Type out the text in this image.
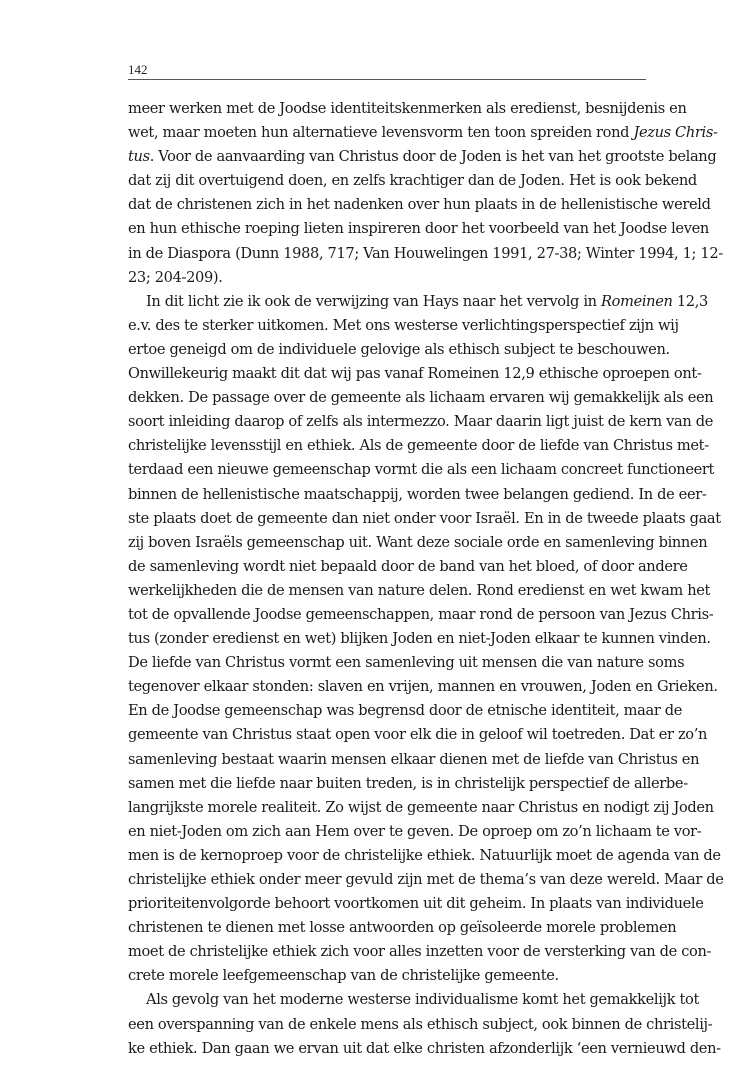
142
meer werken met de Joodse identiteitskenmerken als eredienst, besnijdenis en
wet, maar moeten hun alternatieve levensvorm ten toon spreiden rond Jezus Chris-
tus. Voor de aanvaarding van Christus door de Joden is het van het grootste belang
dat zij dit overtuigend doen, en zelfs krachtiger dan de Joden. Het is ook bekend
dat de christenen zich in het nadenken over hun plaats in de hellenistische wereld
en hun ethische roeping lieten inspireren door het voorbeeld van het Joodse leven
in de Diaspora (Dunn 1988, 717; Van Houwelingen 1991, 27-38; Winter 1994, 1; 12-
23; 204-209).
In dit licht zie ik ook de verwijzing van Hays naar het vervolg in Romeinen 12,3
e.v. des te sterker uitkomen. Met ons westerse verlichtingsperspectief zijn wij
ertoe geneigd om de individuele gelovige als ethisch subject te beschouwen.
Onwillekeurig maakt dit dat wij pas vanaf Romeinen 12,9 ethische oproepen ont-
dekken. De passage over de gemeente als lichaam ervaren wij gemakkelijk als een
soort inleiding daarop of zelfs als intermezzo. Maar daarin ligt juist de kern van de
christelijke levensstijl en ethiek. Als de gemeente door de liefde van Christus met-
terdaad een nieuwe gemeenschap vormt die als een lichaam concreet functioneert
binnen de hellenistische maatschappij, worden twee belangen gediend. In de eer-
ste plaats doet de gemeente dan niet onder voor Israël. En in de tweede plaats gaat
zij boven Israëls gemeenschap uit. Want deze sociale orde en samenleving binnen
de samenleving wordt niet bepaald door de band van het bloed, of door andere
werkelijkheden die de mensen van nature delen. Rond eredienst en wet kwam het
tot de opvallende Joodse gemeenschappen, maar rond de persoon van Jezus Chris-
tus (zonder eredienst en wet) blijken Joden en niet-Joden elkaar te kunnen vinden.
De liefde van Christus vormt een samenleving uit mensen die van nature soms
tegenover elkaar stonden: slaven en vrijen, mannen en vrouwen, Joden en Grieken.
En de Joodse gemeenschap was begrensd door de etnische identiteit, maar de
gemeente van Christus staat open voor elk die in geloof wil toetreden. Dat er zo’n
samenleving bestaat waarin mensen elkaar dienen met de liefde van Christus en
samen met die liefde naar buiten treden, is in christelijk perspectief de allerbe-
langrijkste morele realiteit. Zo wijst de gemeente naar Christus en nodigt zij Joden
en niet-Joden om zich aan Hem over te geven. De oproep om zo’n lichaam te vor-
men is de kernoproep voor de christelijke ethiek. Natuurlijk moet de agenda van de
christelijke ethiek onder meer gevuld zijn met de thema’s van deze wereld. Maar de
prioriteitenvolgorde behoort voortkomen uit dit geheim. In plaats van individuele
christenen te dienen met losse antwoorden op geïsoleerde morele problemen
moet de christelijke ethiek zich voor alles inzetten voor de versterking van de con-
crete morele leefgemeenschap van de christelijke gemeente.
Als gevolg van het moderne westerse individualisme komt het gemakkelijk tot
een overspanning van de enkele mens als ethisch subject, ook binnen de christelij-
ke ethiek. Dan gaan we ervan uit dat elke christen afzonderlijk ‘een vernieuwd den-
